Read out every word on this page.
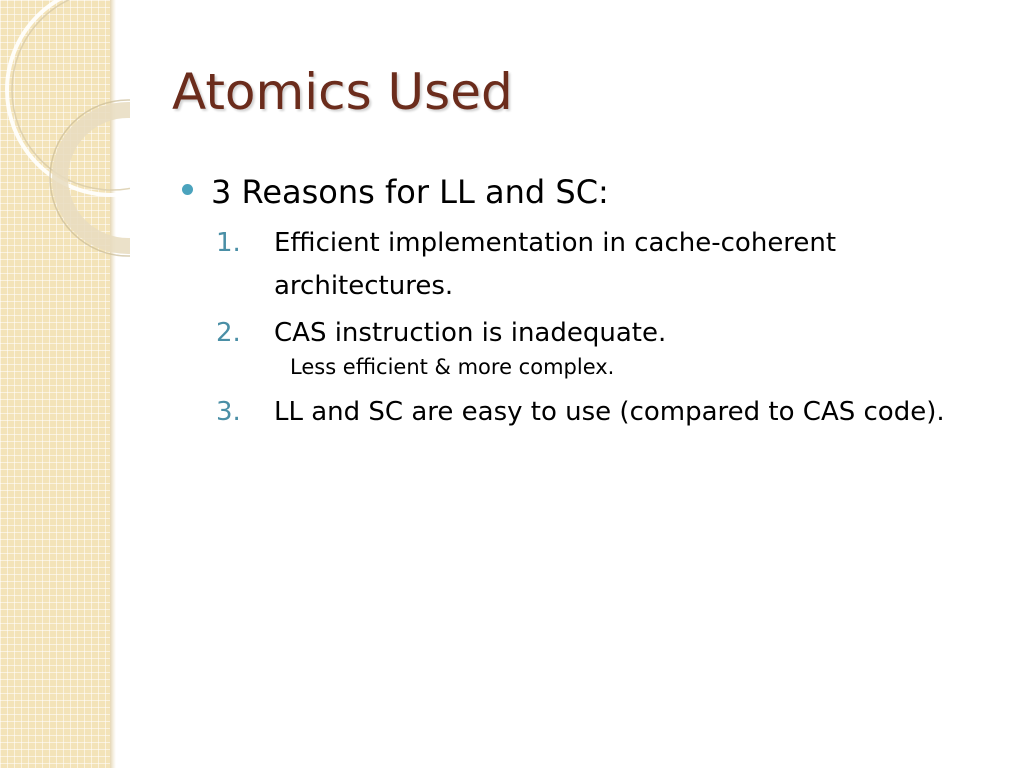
Atomics Used
3 Reasons for LL and SC:
1.	Efficient implementation in cache-coherent architectures.
2.	CAS instruction is inadequate.
Less efficient & more complex.
3.	LL and SC are easy to use (compared to CAS code).
